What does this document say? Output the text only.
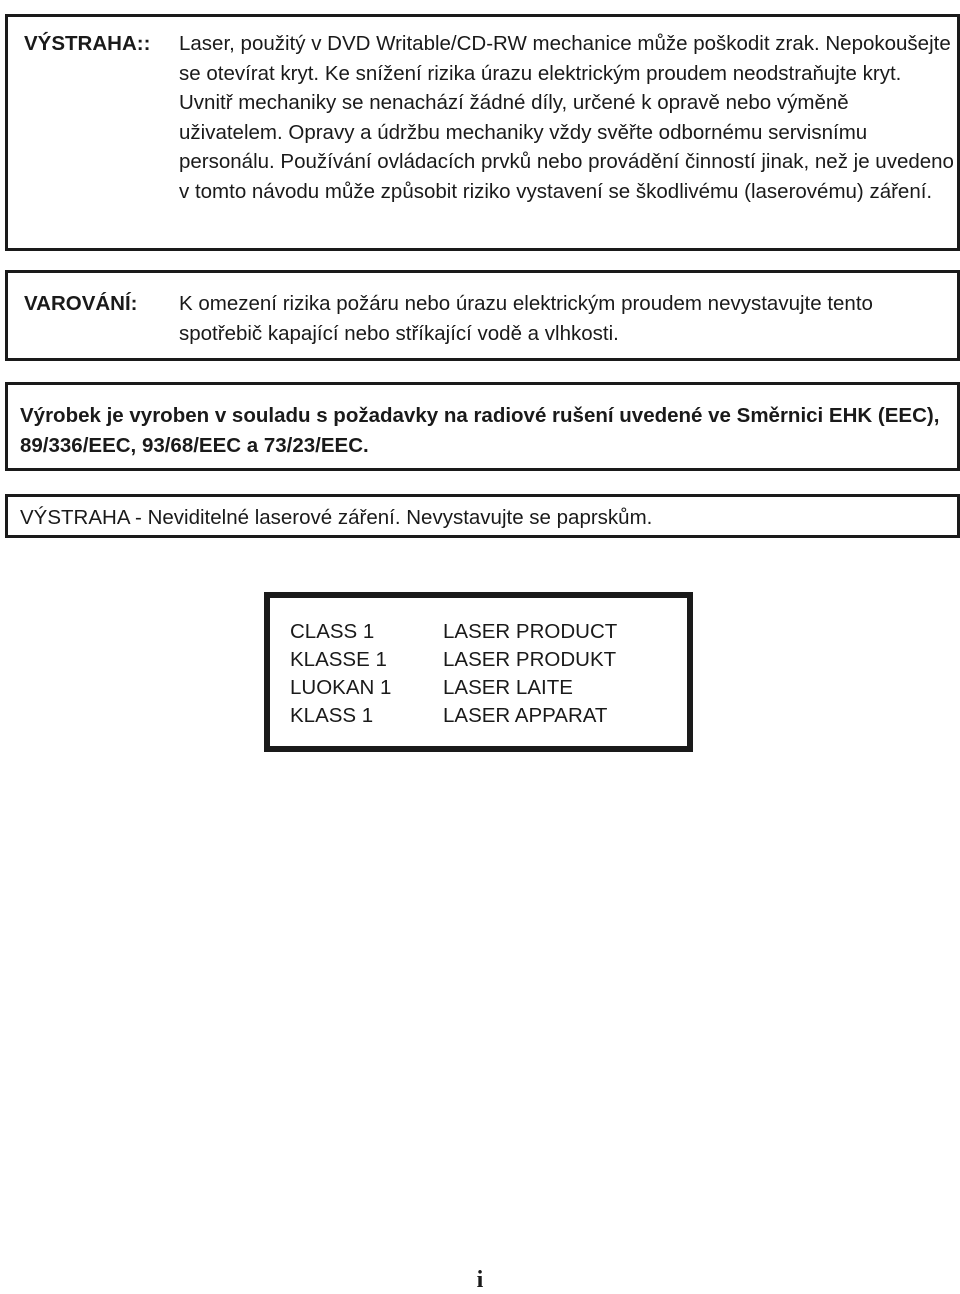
VÝSTRAHA:: Laser, použitý v DVD Writable/CD-RW mechanice může poškodit zrak. Nepokoušejte se otevírat kryt. Ke snížení rizika úrazu elektrickým proudem neodstraňujte kryt. Uvnitř mechaniky se nenachází žádné díly, určené k opravě nebo výměně uživatelem. Opravy a údržbu mechaniky vždy svěřte odbornému servisnímu personálu. Používání ovládacích prvků nebo provádění činností jinak, než je uvedeno v tomto návodu může způsobit riziko vystavení se škodlivému (laserovému) záření.
VAROVÁNÍ: K omezení rizika požáru nebo úrazu elektrickým proudem nevystavujte tento spotřebič kapající nebo stříkající vodě a vlhkosti.
Výrobek je vyroben v souladu s požadavky na radiové rušení uvedené ve Směrnici EHK (EEC), 89/336/EEC, 93/68/EEC a 73/23/EEC.
VÝSTRAHA - Neviditelné laserové záření. Nevystavujte se paprskům.
CLASS 1	LASER PRODUCT
KLASSE 1	LASER PRODUKT
LUOKAN 1	LASER LAITE
KLASS 1	LASER APPARAT
i
